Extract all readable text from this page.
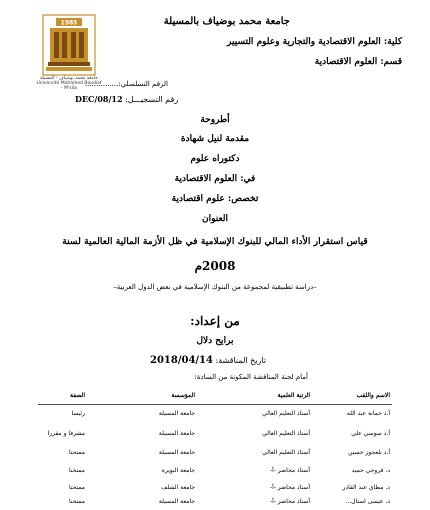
1985
جامعة محمد بوضياف - المسيلة
Université Mohamed Boudiaf - M'sila
جامعة محمد بوضياف بالمسيلة
كلية: العلوم الاقتصادية والتجارية وعلوم التسيير
قسم: العلوم الاقتصادية
الرقم التسلسلي:...............
رقم التسجيـــل: DEC/08/12
أطروحة
مقدمة لنيل شهادة
دكتوراه علوم
في: العلوم الاقتصادية
تخصص: علوم اقتصادية
العنوان
قياس استقرار الأداء المالي للبنوك الإسلامية في ظل الأزمة المالية العالمية لسنة
2008م
–دراسة تطبيقية لمجموعة من البنوك الإسلامية في بعض الدول العربية–
من إعداد:
برايح دلال
تاريخ المناقشة: 2018/04/14
أمام لجنة المناقشة المكونة من السادة:
الاسم واللقب
الرتبة العلمية
المؤسسة
الصفة
أ.د حمانة عبد الله
أستاذ التعليم العالي
جامعة المسيلة
رئيسا
أ.د سوسي علي
أستاذ التعليم العالي
جامعة المسيلة
مشرفا و مقررا
أ.د بلعجوز حسين
أستاذ التعليم العالي
جامعة المسيلة
ممتحنا
د. فروجي حميد
أستاذ محاضر -أ-
جامعة البويرة
ممتحنا
د. مطاي عبد القادر
أستاذ محاضر -أ-
جامعة الشلف
ممتحنا
د. عيسى استال...
أستاذ محاضر -أ-
جامعة المسيلة
ممتحنا
